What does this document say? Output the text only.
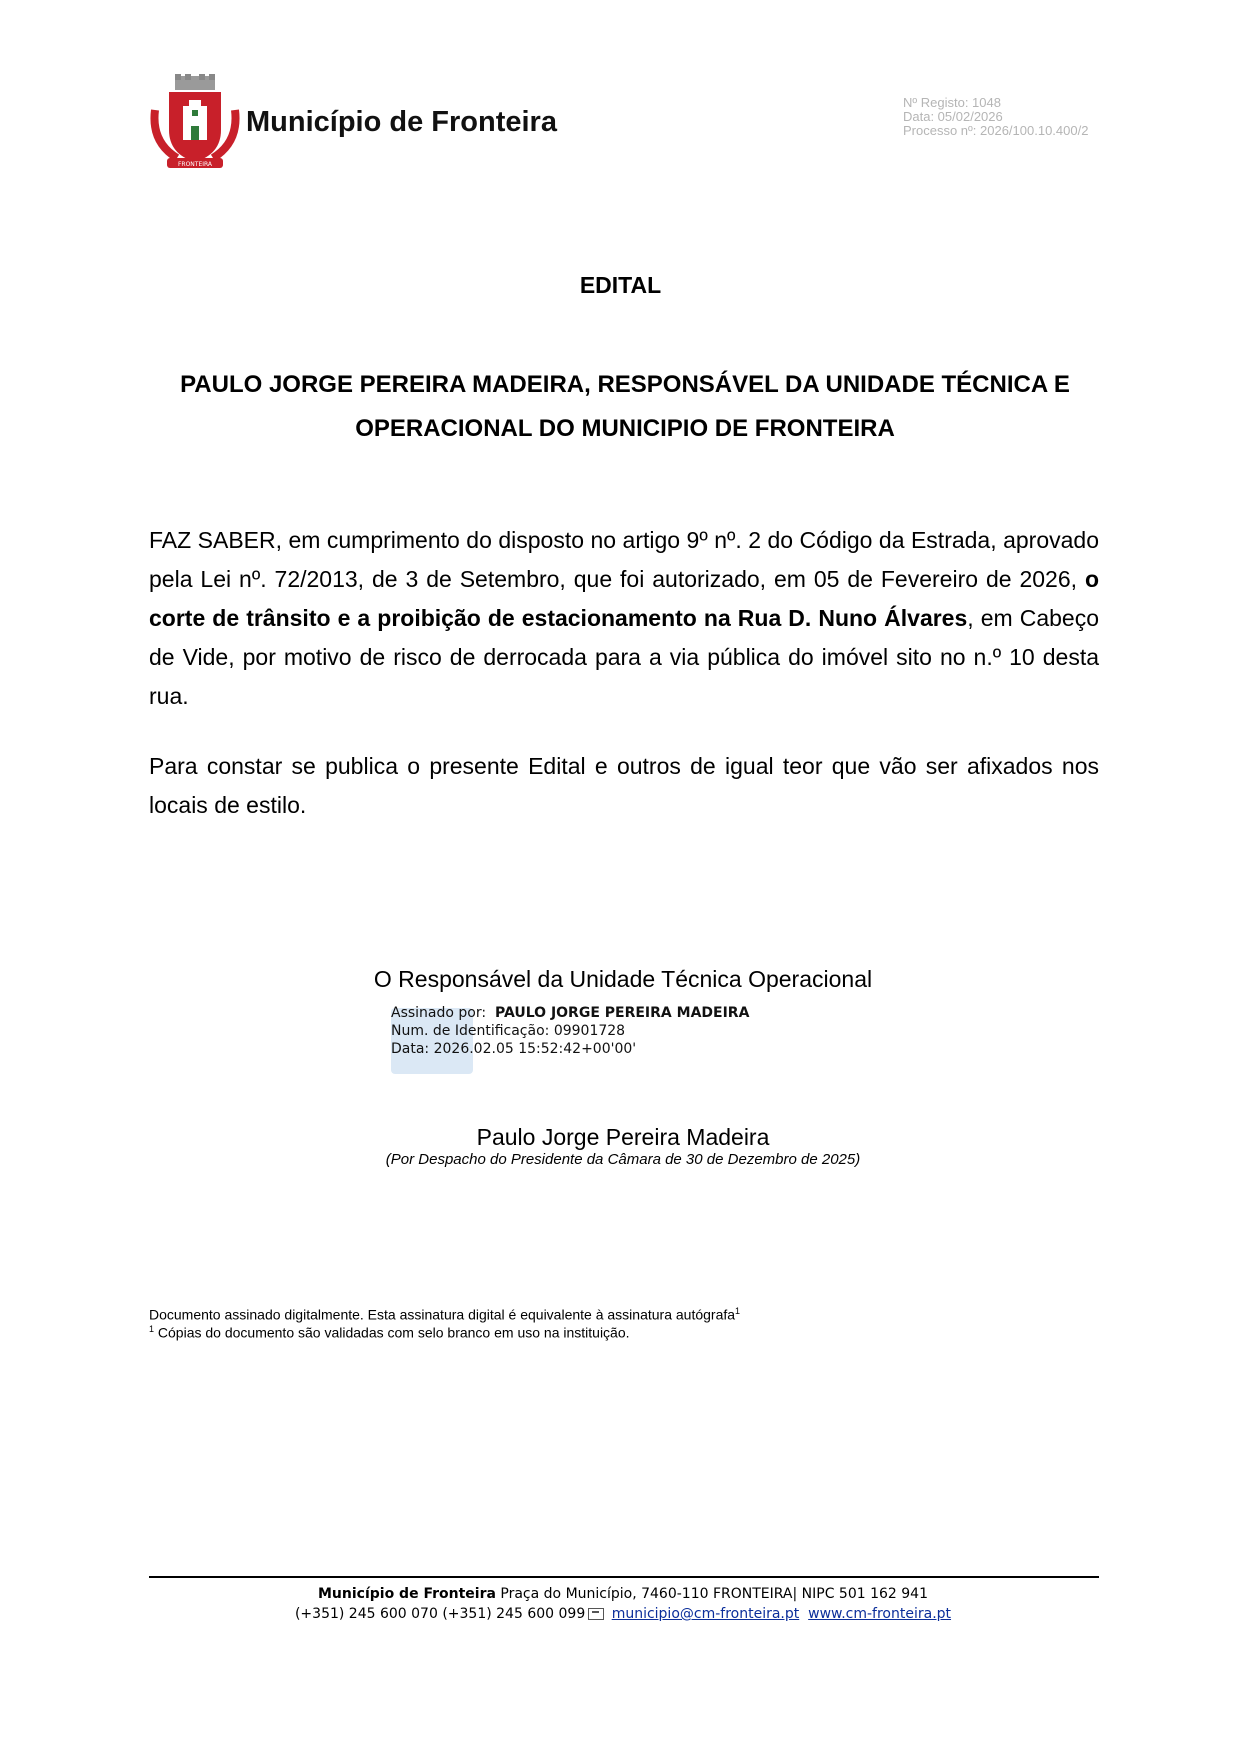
FRONTEIRA
Município de Fronteira
Nº Registo: 1048
Data: 05/02/2026
Processo nº: 2026/100.10.400/2
EDITAL
PAULO JORGE PEREIRA MADEIRA, RESPONSÁVEL DA UNIDADE TÉCNICA E
OPERACIONAL DO MUNICIPIO DE FRONTEIRA
FAZ SABER, em cumprimento do disposto no artigo 9º nº. 2 do Código da Estrada, aprovado pela Lei nº. 72/2013, de 3 de Setembro, que foi autorizado, em 05 de Fevereiro de 2026, o corte de trânsito e a proibição de estacionamento na Rua D. Nuno Álvares, em Cabeço de Vide, por motivo de risco de derrocada para a via pública do imóvel sito no n.º 10 desta rua.
Para constar se publica o presente Edital e outros de igual teor que vão ser afixados nos locais de estilo.
O Responsável da Unidade Técnica Operacional
Assinado por: PAULO JORGE PEREIRA MADEIRA
Num. de Identificação: 09901728
Data: 2026.02.05 15:52:42+00'00'
Paulo Jorge Pereira Madeira
(Por Despacho do Presidente da Câmara de 30 de Dezembro de 2025)
Documento assinado digitalmente. Esta assinatura digital é equivalente à assinatura autógrafa$^1$
$^1$ Cópias do documento são validadas com selo branco em uso na instituição.
Município de Fronteira Praça do Município, 7460-110 FRONTEIRA| NIPC 501 162 941
(+351) 245 600 070 (+351) 245 600 099 municipio@cm-fronteira.pt www.cm-fronteira.pt
